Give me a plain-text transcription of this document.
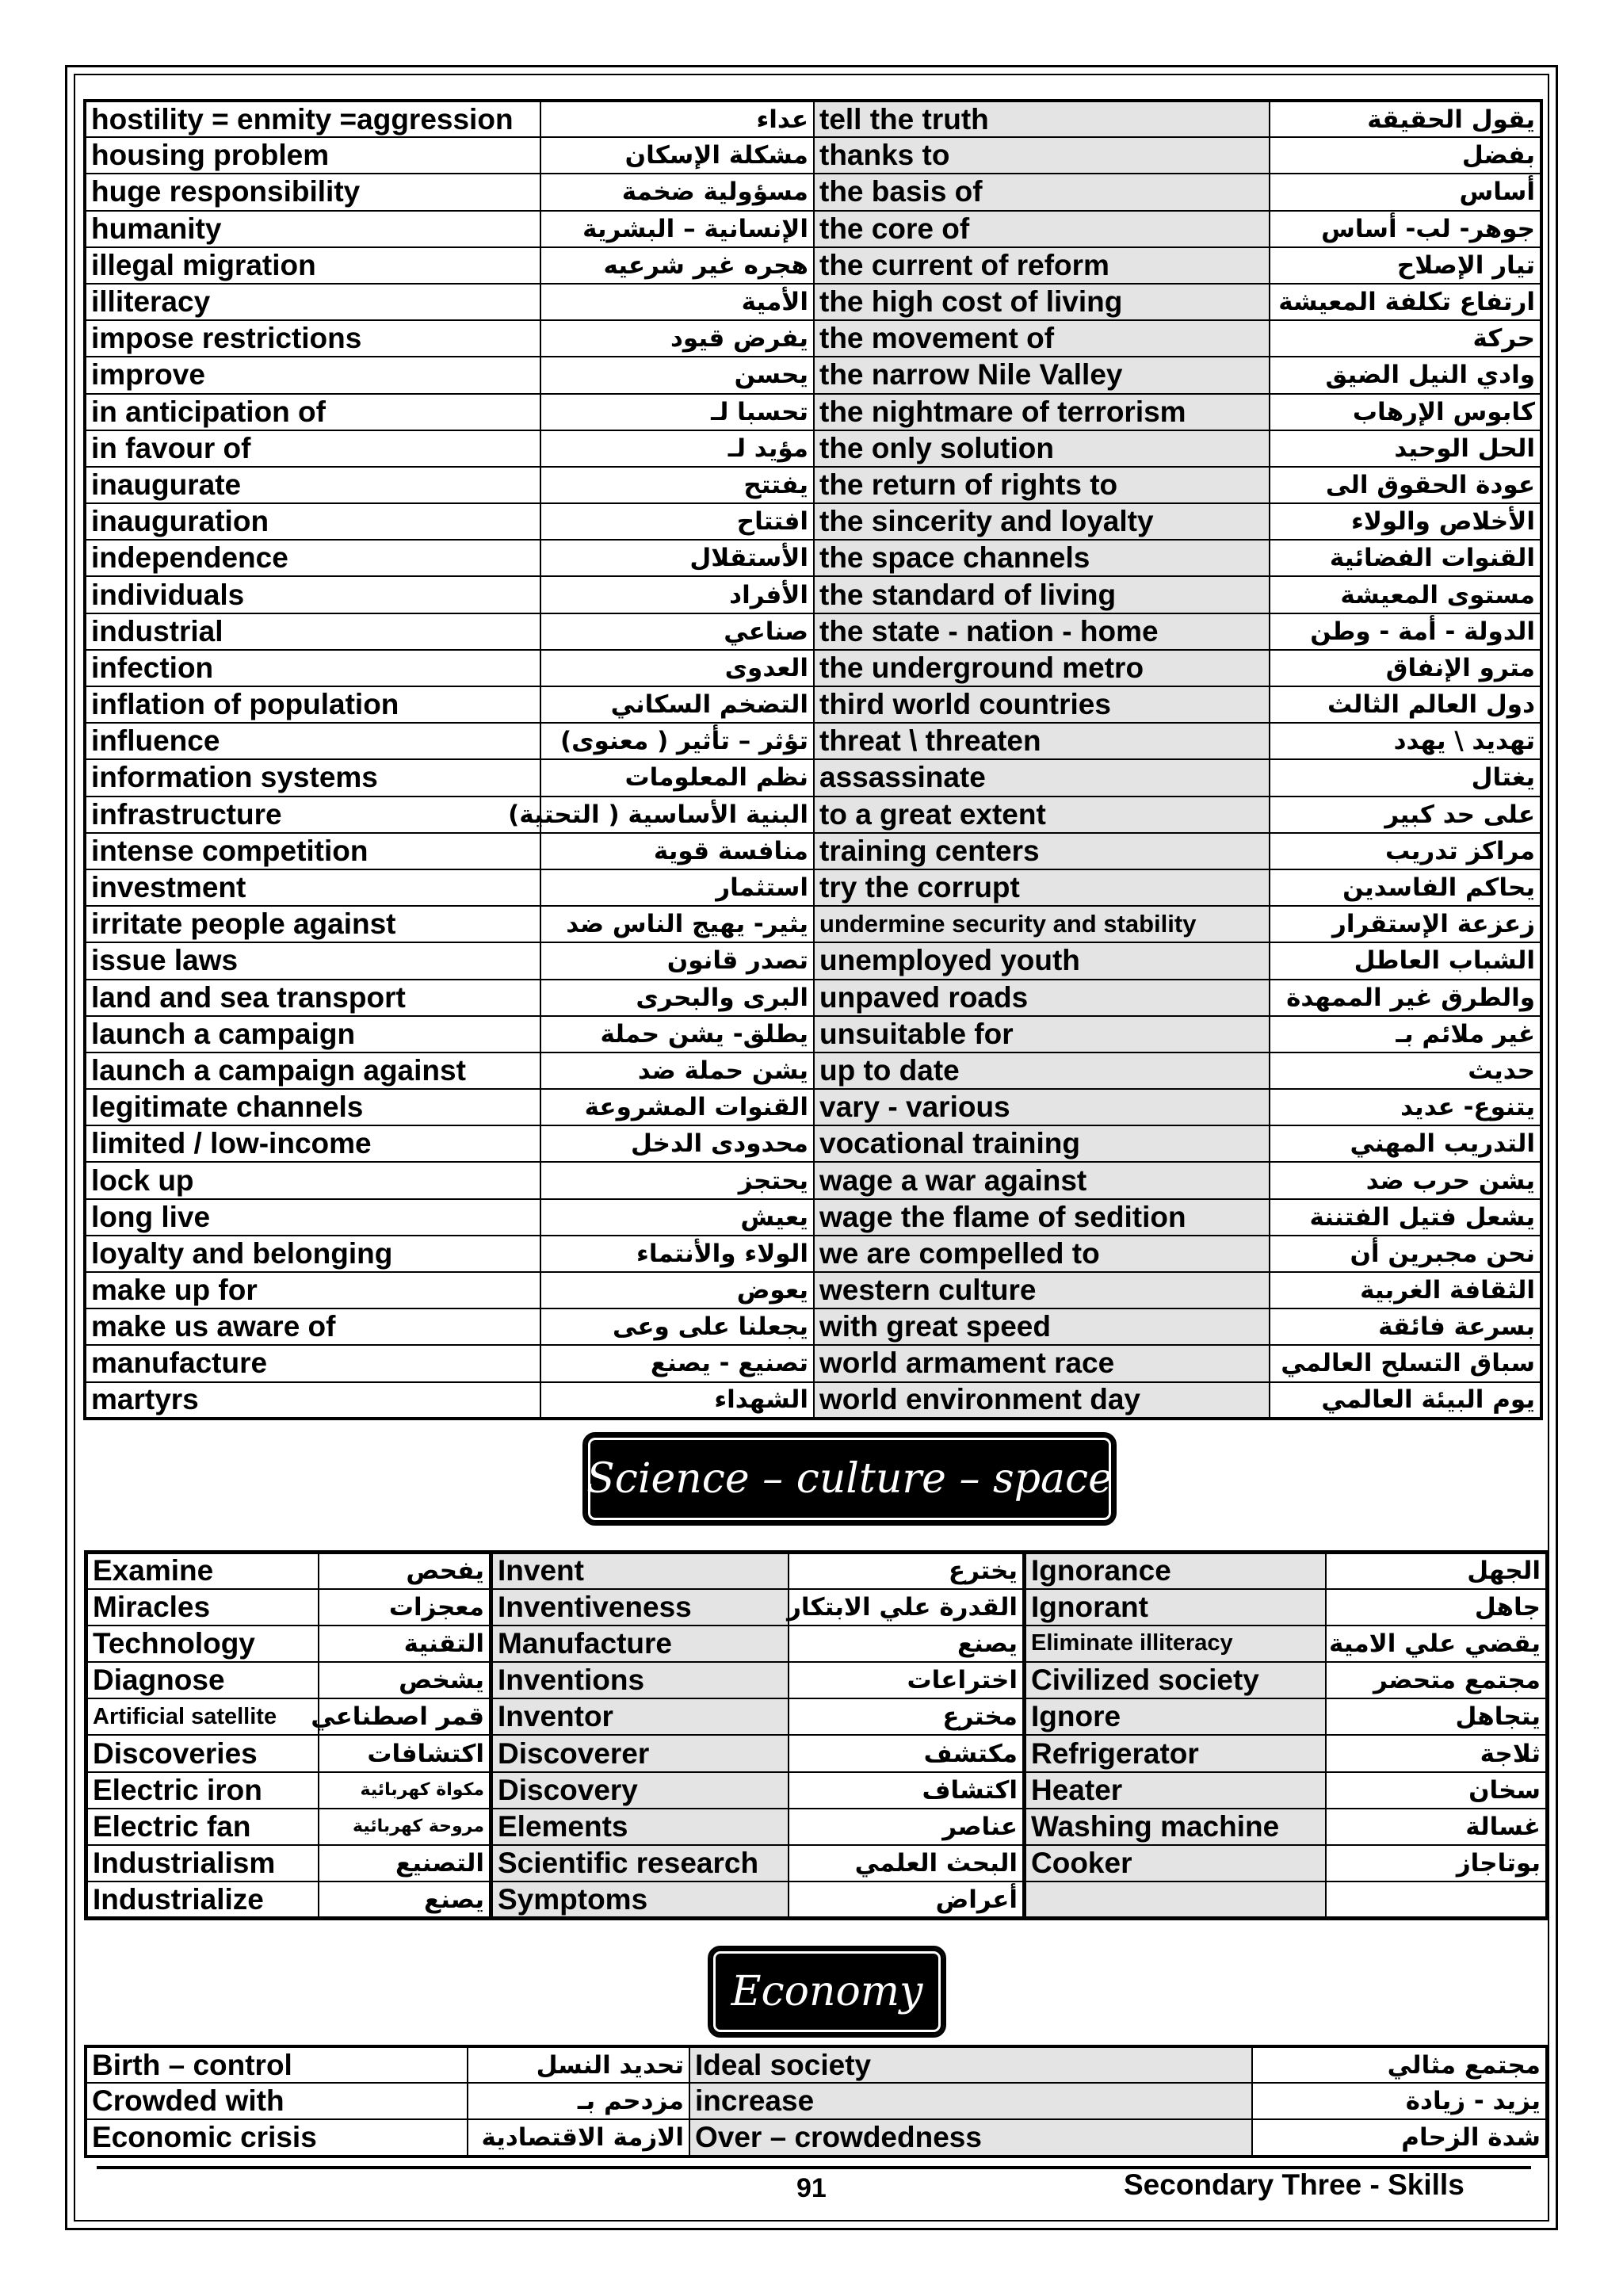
hostility = enmity =aggression	عداء	tell the truth	يقول الحقيقة
housing problem	مشكلة الإسكان	thanks to	بفضل
huge responsibility	مسؤولية ضخمة	the basis of	أساس
humanity	الإنسانية – البشرية	the core of	جوهر- لب- أساس
illegal migration	هجره غير شرعيه	the current of reform	تيار الإصلاح
illiteracy	الأمية	the high cost of living	ارتفاع تكلفة المعيشة
impose restrictions	يفرض قيود	the movement of	حركة
improve	يحسن	the narrow Nile Valley	وادي النيل الضيق
in anticipation of	تحسبا لـ	the nightmare of terrorism	كابوس الإرهاب
in favour of	مؤيد لـ	the only solution	الحل الوحيد
inaugurate	يفتتح	the return of rights to	عودة الحقوق الى
inauguration	افتتاح	the sincerity and loyalty	الأخلاص والولاء
independence	الأستقلال	the space channels	القنوات الفضائية
individuals	الأفراد	the standard of living	مستوى المعيشة
industrial	صناعي	the state - nation - home	الدولة - أمة - وطن
infection	العدوى	the underground metro	مترو الإنفاق
inflation of population	التضخم السكاني	third world countries	دول العالم الثالث
influence	تؤثر – تأثير ( معنوى)	threat \ threaten	تهديد \ يهدد
information systems	نظم المعلومات	assassinate	يغتال
infrastructure	البنية الأساسية ( التحتية)	to a great extent	على حد كبير
intense competition	منافسة قوية	training centers	مراكز تدريب
investment	استثمار	try the corrupt	يحاكم الفاسدين
irritate people against	يثير- يهيج الناس ضد	undermine security and stability	زعزعة الإستقرار
issue laws	تصدر قانون	unemployed youth	الشباب العاطل
land and sea transport	البرى والبحرى	unpaved roads	والطرق غير الممهدة
launch a campaign	يطلق- يشن حملة	unsuitable for	غير ملائم بـ
launch a campaign against	يشن حملة ضد	up to date	حديث
legitimate channels	القنوات المشروعة	vary - various	يتنوع- عديد
limited / low-income	محدودى الدخل	vocational training	التدريب المهني
lock up	يحتجز	wage a war against	يشن حرب ضد
long live	يعيش	wage the flame of sedition	يشعل فتيل الفتننة
loyalty and belonging	الولاء والأنتماء	we are compelled to	نحن مجبرين أن
make up for	يعوض	western culture	الثقافة الغربية
make us aware of	يجعلنا على وعى	with great speed	بسرعة فائقة
manufacture	تصنيع - يصنع	world armament race	سباق التسلح العالمي
martyrs	الشهداء	world environment day	يوم البيئة العالمي
Science – culture – space
Examine	يفحص	Invent	يخترع	Ignorance	الجهل
Miracles	معجزات	Inventiveness	القدرة علي الابتكار	Ignorant	جاهل
Technology	التقنية	Manufacture	يصنع	Eliminate illiteracy	يقضي علي الامية
Diagnose	يشخص	Inventions	اختراعات	Civilized society	مجتمع متحضر
Artificial satellite	قمر اصطناعي	Inventor	مخترع	Ignore	يتجاهل
Discoveries	اكتشافات	Discoverer	مكتشف	Refrigerator	ثلاجة
Electric iron	مكواة كهربائية	Discovery	اكتشاف	Heater	سخان
Electric fan	مروحة كهربائية	Elements	عناصر	Washing machine	غسالة
Industrialism	التصنيع	Scientific research	البحث العلمي	Cooker	بوتاجاز
Industrialize	يصنع	Symptoms	أعراض		
Economy
Birth – control	تحديد النسل	Ideal society	مجتمع مثالي
Crowded with	مزدحم بـ	increase	يزيد - زيادة
Economic crisis	الازمة الاقتصادية	Over – crowdedness	شدة الزحام
91	Secondary Three - Skills
